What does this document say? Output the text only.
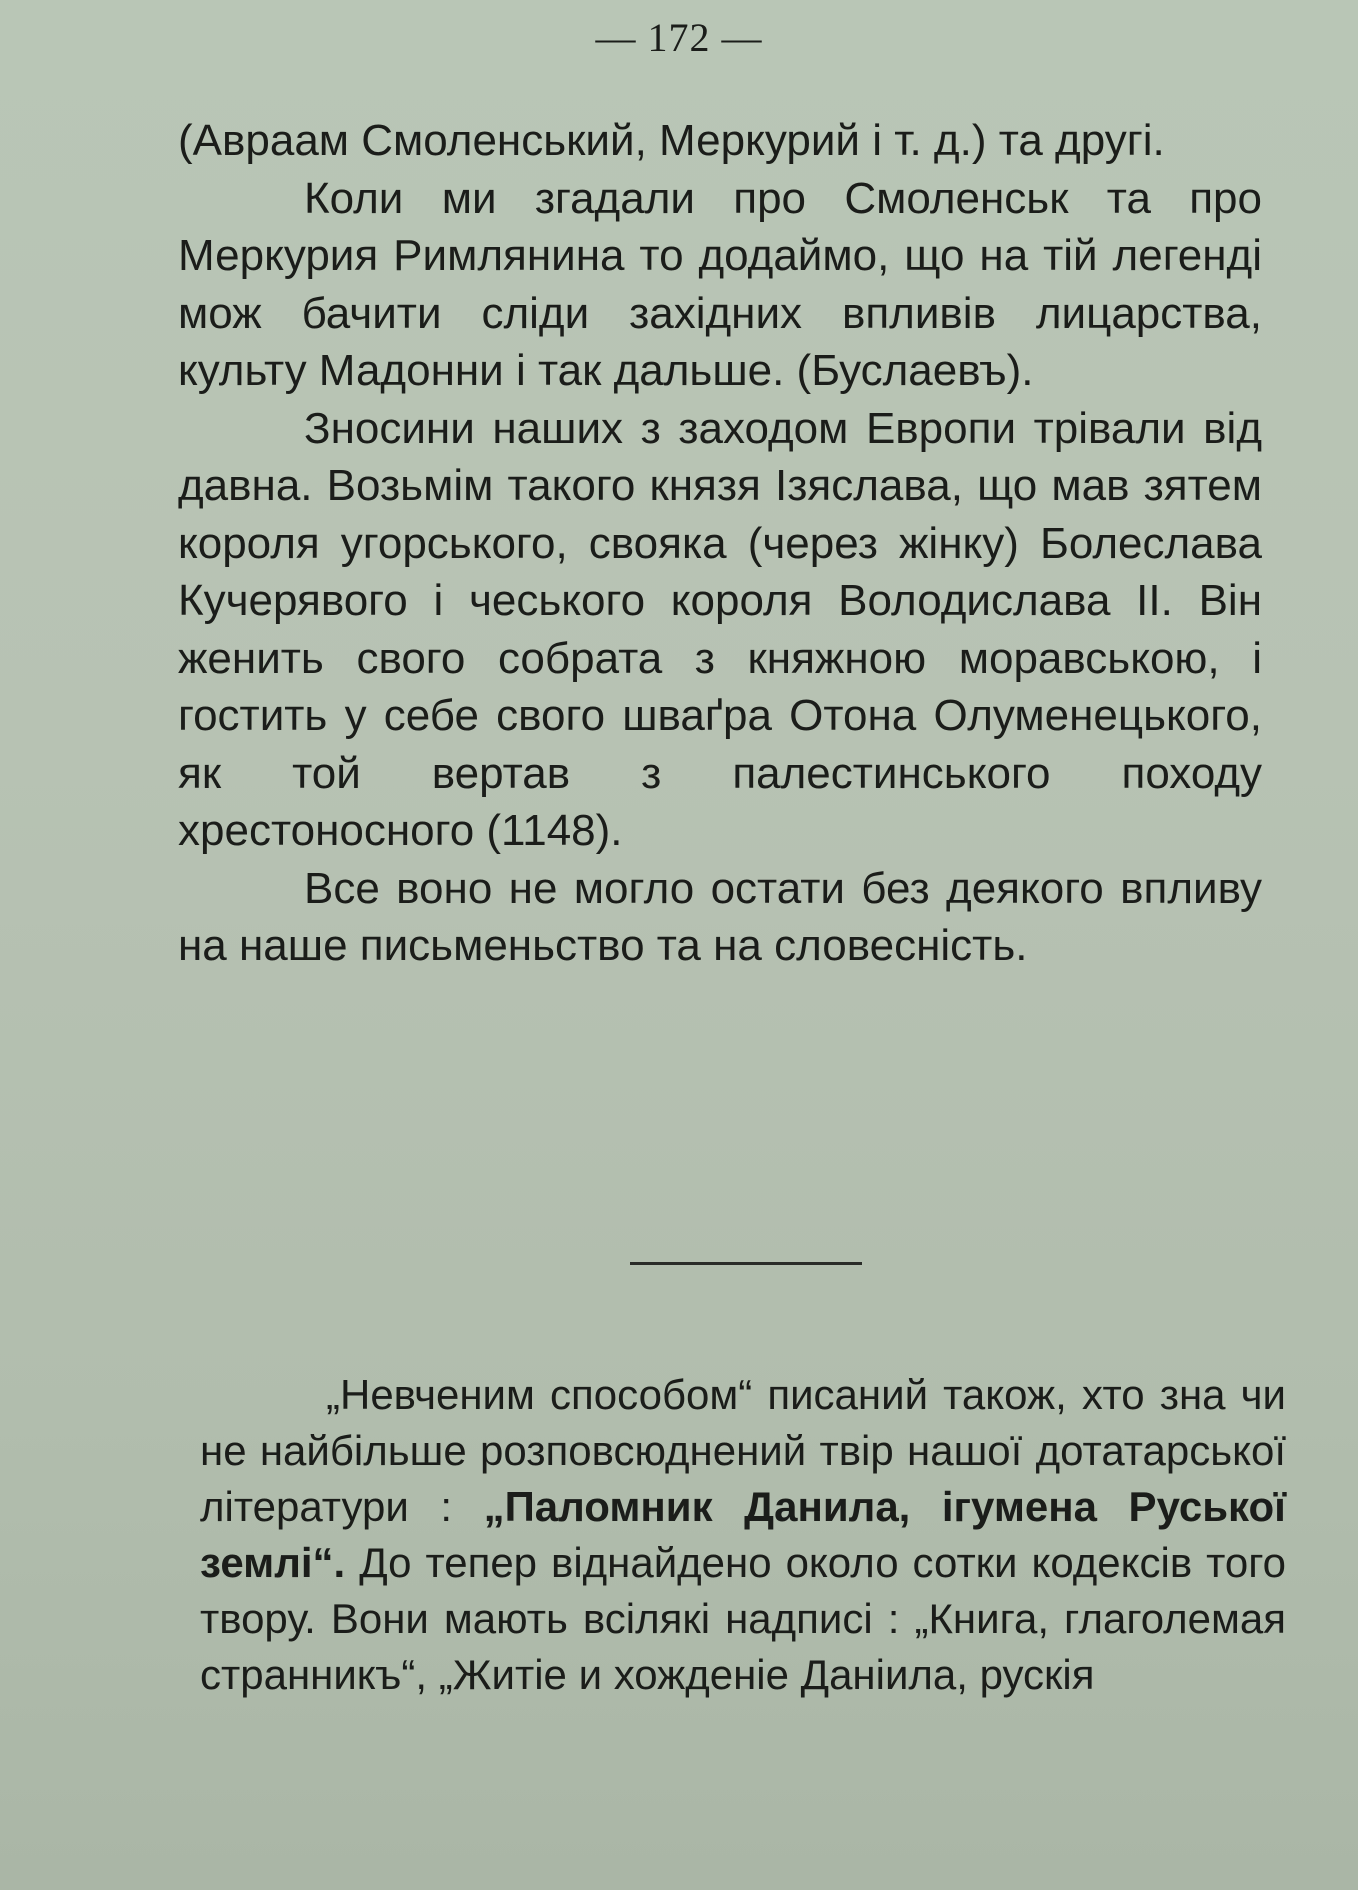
— 172 —

(Авраам Смоленський, Меркурий і т. д.) та другі.

Коли ми згадали про Смоленськ та про Меркурия Римлянина то додаймо, що на тій легенді мож бачити сліди західних впливів лицарства, культу Мадонни і так дальше. (Буслаевъ).

Зносини наших з заходом Европи трівали від давна. Возьмім такого князя Ізяслава, що мав зятем короля угорського, свояка (через жінку) Болеслава Кучерявого і чеського короля Володислава II. Він женить свого собрата з княжною моравською, і гостить у себе свого шваґра Отона Олуменецького, як той вертав з палестинського походу хрестоносного (1148).

Все воно не могло остати без деякого впливу на наше письменьство та на словесність.

„Невченим способом“ писаний також, хто зна чи не найбільше розповсюднений твір нашої дотатарської літератури : „Паломник Данила, ігумена Руської землі“. До тепер віднайдено около сотки кодексів того твору. Вони мають всілякі надписі : „Книга, глаголемая странникъ“, „Житіе и хожденіе Даніила, рускія
